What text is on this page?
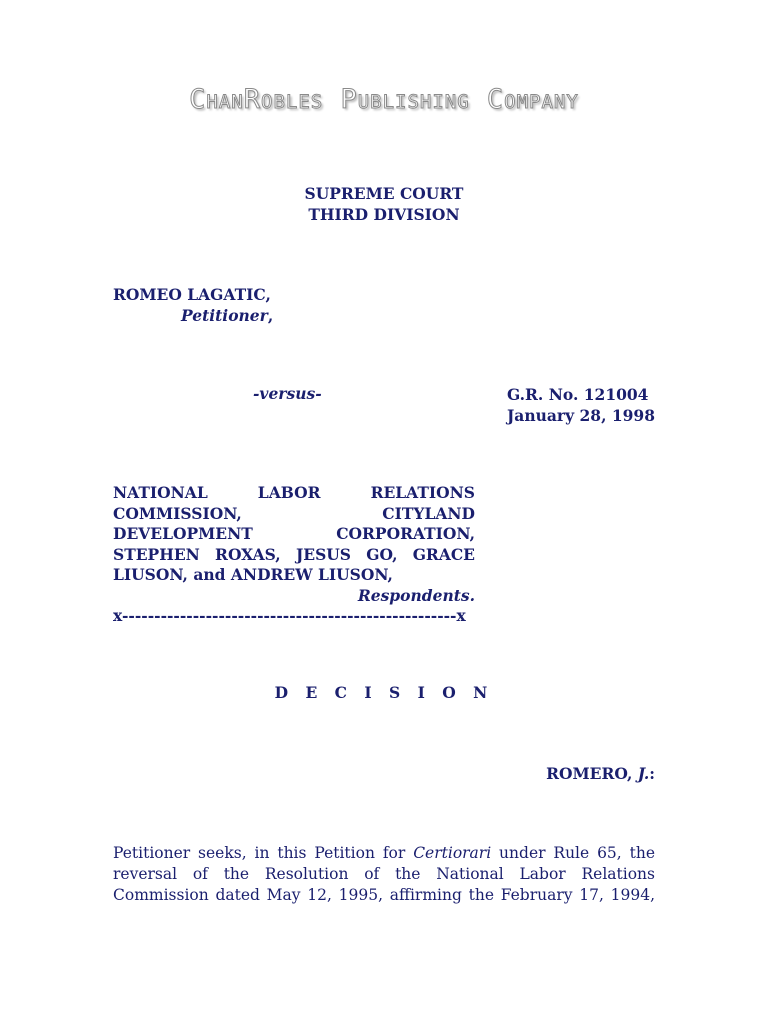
ChanRobles Publishing Company
SUPREME COURT
THIRD DIVISION
ROMEO LAGATIC,
Petitioner,
-versus-	G.R. No. 121004
January 28, 1998
NATIONAL LABOR RELATIONS COMMISSION, CITYLAND DEVELOPMENT CORPORATION, STEPHEN ROXAS, JESUS GO, GRACE LIUSON, and ANDREW LIUSON,
Respondents.
x----------------------------------------------------x
D E C I S I O N
ROMERO, J.:
Petitioner seeks, in this Petition for Certiorari under Rule 65, the
reversal of the Resolution of the National Labor Relations
Commission dated May 12, 1995, affirming the February 17, 1994,
